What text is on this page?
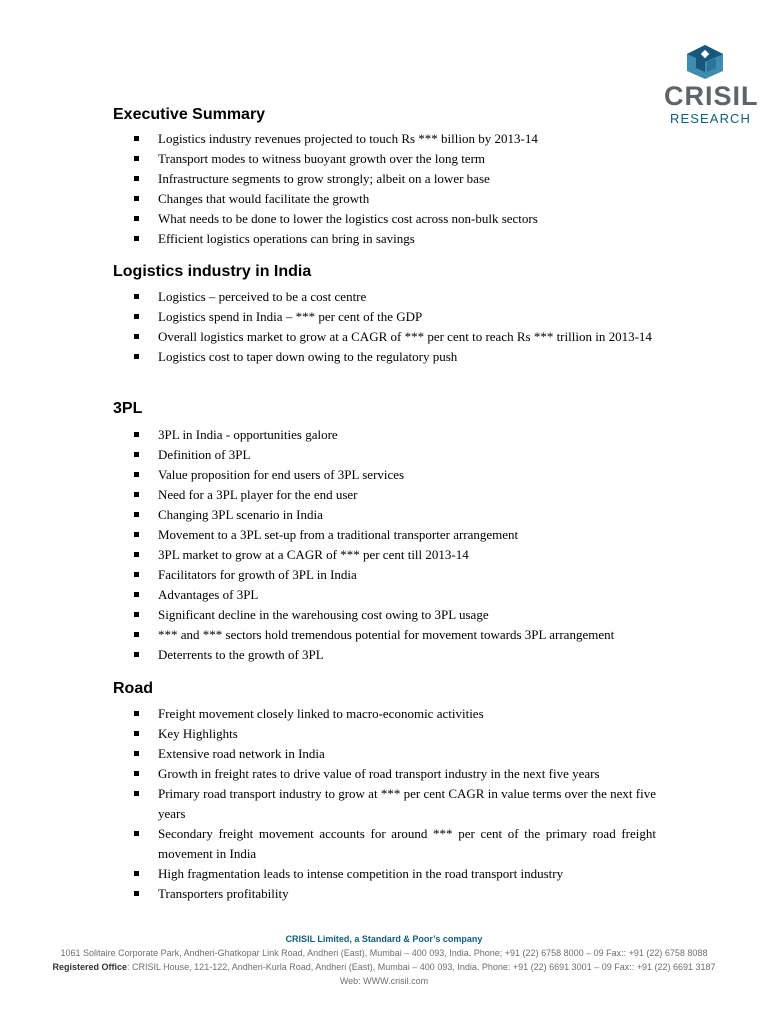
CRISIL
RESEARCH
Executive Summary
Logistics industry revenues projected to touch Rs *** billion by 2013-14
Transport modes to witness buoyant growth over the long term
Infrastructure segments to grow strongly; albeit on a lower base
Changes that would facilitate the growth
What needs to be done to lower the logistics cost across non-bulk sectors
Efficient logistics operations can bring in savings
Logistics industry in India
Logistics – perceived to be a cost centre
Logistics spend in India – *** per cent of the GDP
Overall logistics market to grow at a CAGR of *** per cent to reach Rs *** trillion in 2013-14
Logistics cost to taper down owing to the regulatory push
3PL
3PL in India - opportunities galore
Definition of 3PL
Value proposition for end users of 3PL services
Need for a 3PL player for the end user
Changing 3PL scenario in India
Movement to a 3PL set-up from a traditional transporter arrangement
3PL market to grow at a CAGR of *** per cent till 2013-14
Facilitators for growth of 3PL in India
Advantages of 3PL
Significant decline in the warehousing cost owing to 3PL usage
*** and *** sectors hold tremendous potential for movement towards 3PL arrangement
Deterrents to the growth of 3PL
Road
Freight movement closely linked to macro-economic activities
Key Highlights
Extensive road network in India
Growth in freight rates to drive value of road transport industry in the next five years
Primary road transport industry to grow at *** per cent CAGR in value terms over the next five years
Secondary freight movement accounts for around *** per cent of the primary road freight movement in India
High fragmentation leads to intense competition in the road transport industry
Transporters profitability
CRISIL Limited, a Standard & Poor’s company
1061 Solitaire Corporate Park, Andheri-Ghatkopar Link Road, Andheri (East), Mumbai – 400 093, India. Phone; +91 (22) 6758 8000 – 09 Fax:: +91 (22) 6758 8088
Registered Office: CRISIL House, 121-122, Andheri-Kurla Road, Andheri (East), Mumbai – 400 093, India. Phone: +91 (22) 6691 3001 – 09 Fax:: +91 (22) 6691 3187
Web: WWW.crisil.com
